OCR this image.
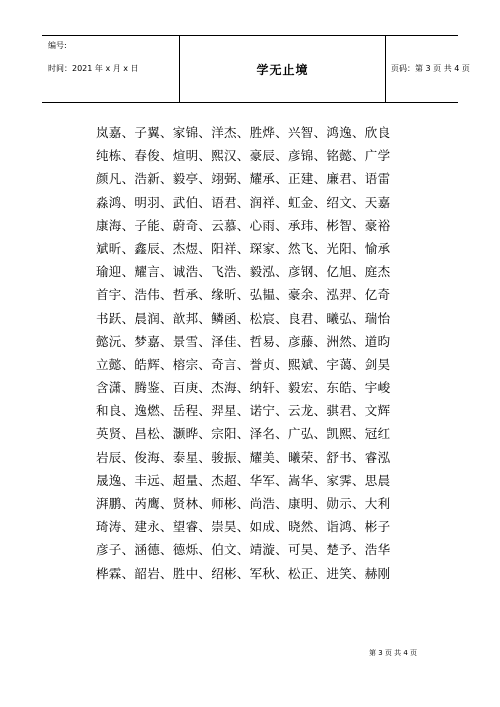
编号:
时间：2021 年 x 月 x 日	学无止境	页码：第 3 页 共 4 页
岚嘉、子翼、家锦、洋杰、胜烨、兴智、鸿逸、欣良
纯栋、春俊、煊明、熙汉、豪辰、彦锦、铭懿、广学
颜凡、浩新、毅亭、翊弼、耀承、正建、廉君、语雷
淼鸿、明羽、武伯、语君、润祥、虹金、绍文、天嘉
康海、子能、蔚奇、云慕、心雨、承玮、彬智、豪裕
斌昕、鑫辰、杰煜、阳祥、琛家、然飞、光阳、愉承
瑜迎、耀言、诚浩、飞浩、毅泓、彦钢、亿旭、庭杰
首宇、浩伟、哲承、缘昕、弘韫、豪余、泓羿、亿奇
书跃、晨润、歆邦、鳞函、松宸、良君、曦弘、瑞怡
懿沅、梦嘉、景雪、泽佳、哲易、彦藤、洲然、道昀
立懿、皓辉、榕宗、奇言、誉贞、熙斌、宇蔼、剑昊
含潇、腾鉴、百庚、杰海、纳轩、毅宏、东皓、宇峻
和良、逸燃、岳程、羿星、诺宁、云龙、骐君、文辉
英贤、昌松、灏晔、宗阳、泽名、广弘、凯熙、冠红
岩辰、俊海、泰星、骏振、耀美、曦荣、舒书、睿泓
晟逸、丰远、超量、杰超、华军、嵩华、家霁、思晨
湃鹏、芮鹰、贤林、师彬、尚浩、康明、勋示、大利
琦涛、建永、望睿、崇昊、如成、晓然、诣鸿、彬子
彦子、涵德、德烁、伯文、靖漩、可昊、楚予、浩华
桦霖、韶岩、胜中、绍彬、军秋、松正、进笑、赫刚
第 3 页 共 4 页
